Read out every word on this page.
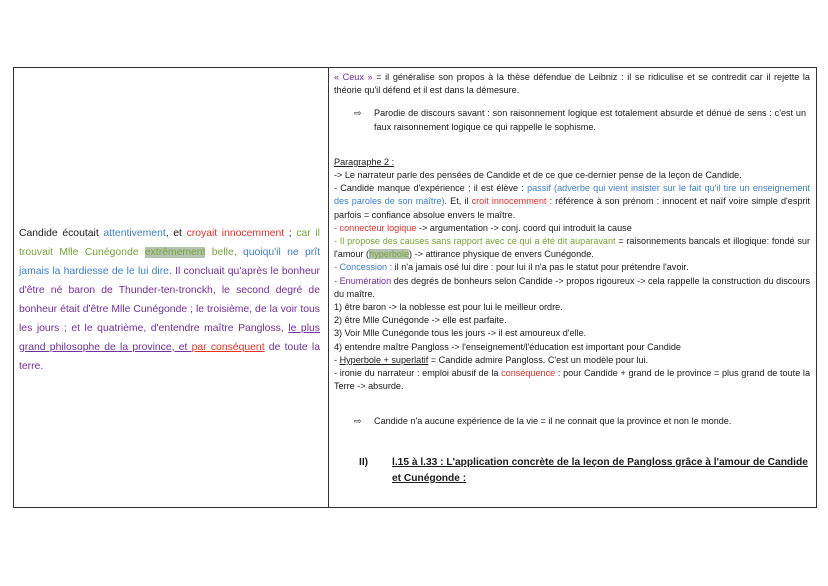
Candide écoutait attentivement, et croyait innocemment ; car il trouvait Mlle Cunégonde extrêmement belle, quoiqu'il ne prît jamais la hardiesse de le lui dire. Il concluait qu'après le bonheur d'être né baron de Thunder-ten-tronckh, le second degré de bonheur était d'être Mlle Cunégonde ; le troisième, de la voir tous les jours ; et le quatrième, d'entendre maître Pangloss, le plus grand philosophe de la province, et par conséquent de toute la terre.

« Ceux » = il généralise son propos à la thèse défendue de Leibniz : il se ridiculise et se contredit car il rejette la théorie qu'il défend et il est dans la démesure.

⇨ Parodie de discours savant : son raisonnement logique est totalement absurde et dénué de sens : c'est un faux raisonnement logique ce qui rappelle le sophisme.

Paragraphe 2 :

-> Le narrateur parle des pensées de Candide et de ce que ce-dernier pense de la leçon de Candide.

- Candide manque d'expérience ; il est élève : passif (adverbe qui vient insister sur le fait qu'il tire un enseignement des paroles de son maître). Et, il croit innocemment : référence à son prénom : innocent et naïf voire simple d'esprit parfois = confiance absolue envers le maître.

- connecteur logique -> argumentation -> conj. coord qui introduit la cause

- Il propose des causes sans rapport avec ce qui a été dit auparavant = raisonnements bancals et illogique: fondé sur l'amour (hyperbole) -> attirance physique de envers Cunégonde.

- Concession : il n'a jamais osé lui dire : pour lui il n'a pas le statut pour prétendre l'avoir.

- Enumération des degrés de bonheurs selon Candide -> propos rigoureux -> cela rappelle la construction du discours du maître.

1) être baron -> la noblesse est pour lui le meilleur ordre.

2) être Mlle Cunégonde -> elle est parfaite.

3) Voir Mlle Cunégonde tous les jours -> il est amoureux d'elle.

4) entendre maître Pangloss -> l'enseignement/l'éducation est important pour Candide

- Hyperbole + superlatif = Candide admire Pangloss. C'est un modèle pour lui.

- ironie du narrateur : emploi abusif de la conséquence : pour Candide + grand de le province = plus grand de toute la Terre -> absurde.

⇨ Candide n'a aucune expérience de la vie = il ne connait que la province et non le monde.
II) l.15 à l.33 : L'application concrète de la leçon de Pangloss grâce à l'amour de Candide et Cunégonde :
